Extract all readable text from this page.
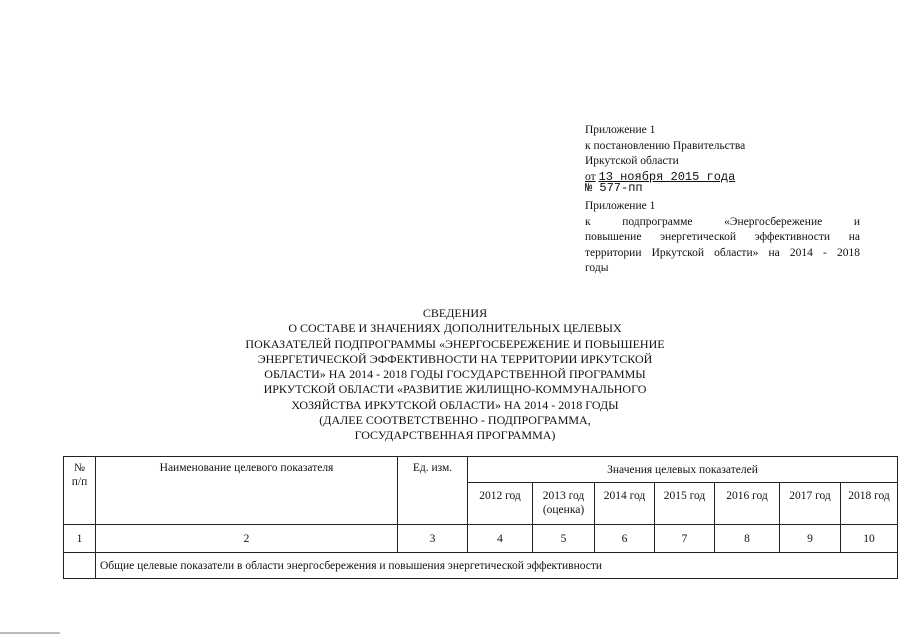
Приложение 1
к постановлению Правительства
Иркутской области
от 13 ноября 2015 года
№ 577-пп
Приложение 1
к подпрограмме «Энергосбережение и
повышение энергетической эффективности на
территории Иркутской области» на 2014 - 2018
годы
СВЕДЕНИЯ
О СОСТАВЕ И ЗНАЧЕНИЯХ ДОПОЛНИТЕЛЬНЫХ ЦЕЛЕВЫХ
ПОКАЗАТЕЛЕЙ ПОДПРОГРАММЫ «ЭНЕРГОСБЕРЕЖЕНИЕ И ПОВЫШЕНИЕ
ЭНЕРГЕТИЧЕСКОЙ ЭФФЕКТИВНОСТИ НА ТЕРРИТОРИИ ИРКУТСКОЙ
ОБЛАСТИ» НА 2014 - 2018 ГОДЫ ГОСУДАРСТВЕННОЙ ПРОГРАММЫ
ИРКУТСКОЙ ОБЛАСТИ «РАЗВИТИЕ ЖИЛИЩНО-КОММУНАЛЬНОГО
ХОЗЯЙСТВА ИРКУТСКОЙ ОБЛАСТИ» НА 2014 - 2018 ГОДЫ
(ДАЛЕЕ СООТВЕТСТВЕННО - ПОДПРОГРАММА,
ГОСУДАРСТВЕННАЯ ПРОГРАММА)
№
п/п	Наименование целевого показателя	Ед. изм.	Значения целевых показателей						

			2012 год	2013 год
(оценка)	2014 год	2015 год	2016 год	2017 год	2018 год

1	2	3	4	5	6	7	8	9	10
	Общие целевые показатели в области энергосбережения и повышения энергетической эффективности								
